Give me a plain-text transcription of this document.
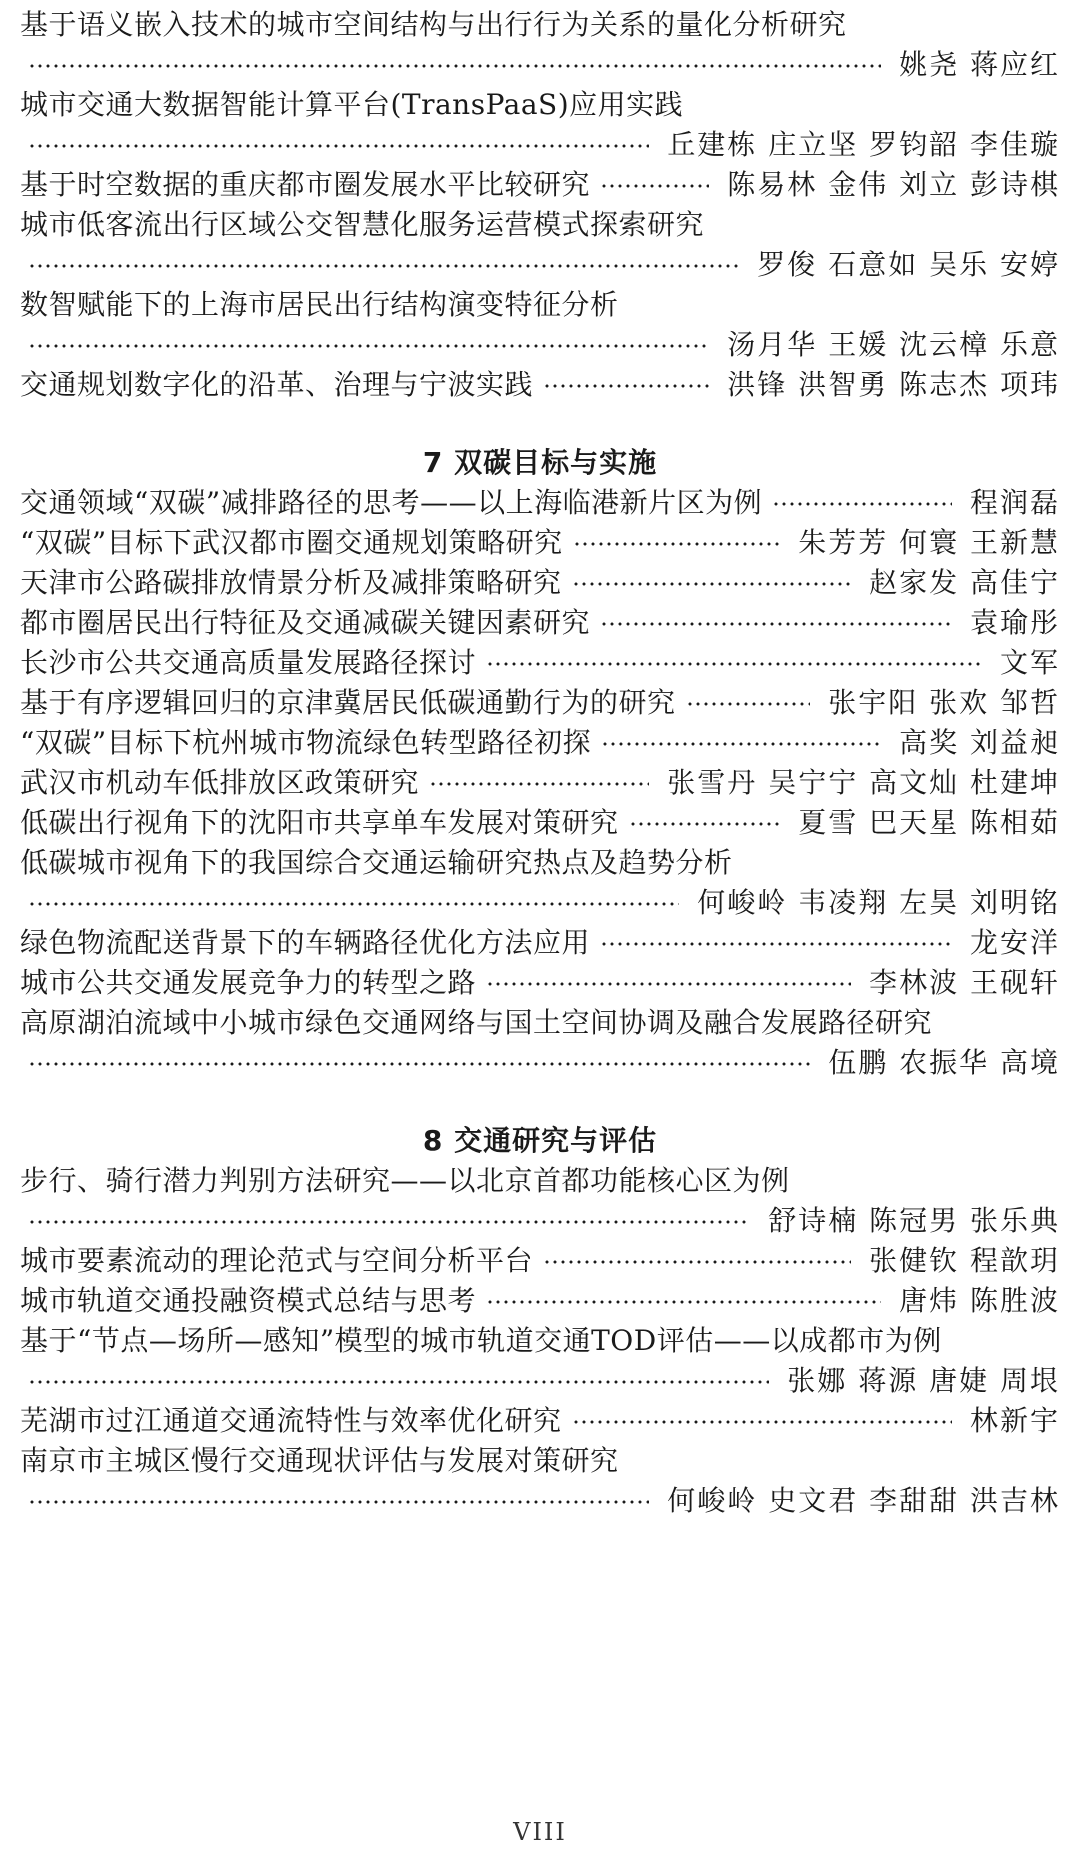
基于语义嵌入技术的城市空间结构与出行行为关系的量化分析研究
姚尧 蒋应红
城市交通大数据智能计算平台(TransPaaS)应用实践
丘建栋 庄立坚 罗钧韶 李佳璇
基于时空数据的重庆都市圈发展水平比较研究	陈易林 金伟 刘立 彭诗棋
城市低客流出行区域公交智慧化服务运营模式探索研究
罗俊 石意如 吴乐 安婷
数智赋能下的上海市居民出行结构演变特征分析
汤月华 王媛 沈云樟 乐意
交通规划数字化的沿革、治理与宁波实践	洪锋 洪智勇 陈志杰 项玮
7 双碳目标与实施
交通领域“双碳”减排路径的思考——以上海临港新片区为例	程润磊
“双碳”目标下武汉都市圈交通规划策略研究	朱芳芳 何寰 王新慧
天津市公路碳排放情景分析及减排策略研究	赵家发 高佳宁
都市圈居民出行特征及交通减碳关键因素研究	袁瑜彤
长沙市公共交通高质量发展路径探讨	文军
基于有序逻辑回归的京津冀居民低碳通勤行为的研究	张宇阳 张欢 邹哲
“双碳”目标下杭州城市物流绿色转型路径初探	高奖 刘益昶
武汉市机动车低排放区政策研究	张雪丹 吴宁宁 高文灿 杜建坤
低碳出行视角下的沈阳市共享单车发展对策研究	夏雪 巴天星 陈相茹
低碳城市视角下的我国综合交通运输研究热点及趋势分析
何峻岭 韦凌翔 左昊 刘明铭
绿色物流配送背景下的车辆路径优化方法应用	龙安洋
城市公共交通发展竞争力的转型之路	李林波 王砚轩
高原湖泊流域中小城市绿色交通网络与国土空间协调及融合发展路径研究
伍鹏 农振华 高境
8 交通研究与评估
步行、骑行潜力判别方法研究——以北京首都功能核心区为例
舒诗楠 陈冠男 张乐典
城市要素流动的理论范式与空间分析平台	张健钦 程歆玥
城市轨道交通投融资模式总结与思考	唐炜 陈胜波
基于“节点—场所—感知”模型的城市轨道交通TOD评估——以成都市为例
张娜 蒋源 唐婕 周垠
芜湖市过江通道交通流特性与效率优化研究	林新宇
南京市主城区慢行交通现状评估与发展对策研究
何峻岭 史文君 李甜甜 洪吉林
VIII
